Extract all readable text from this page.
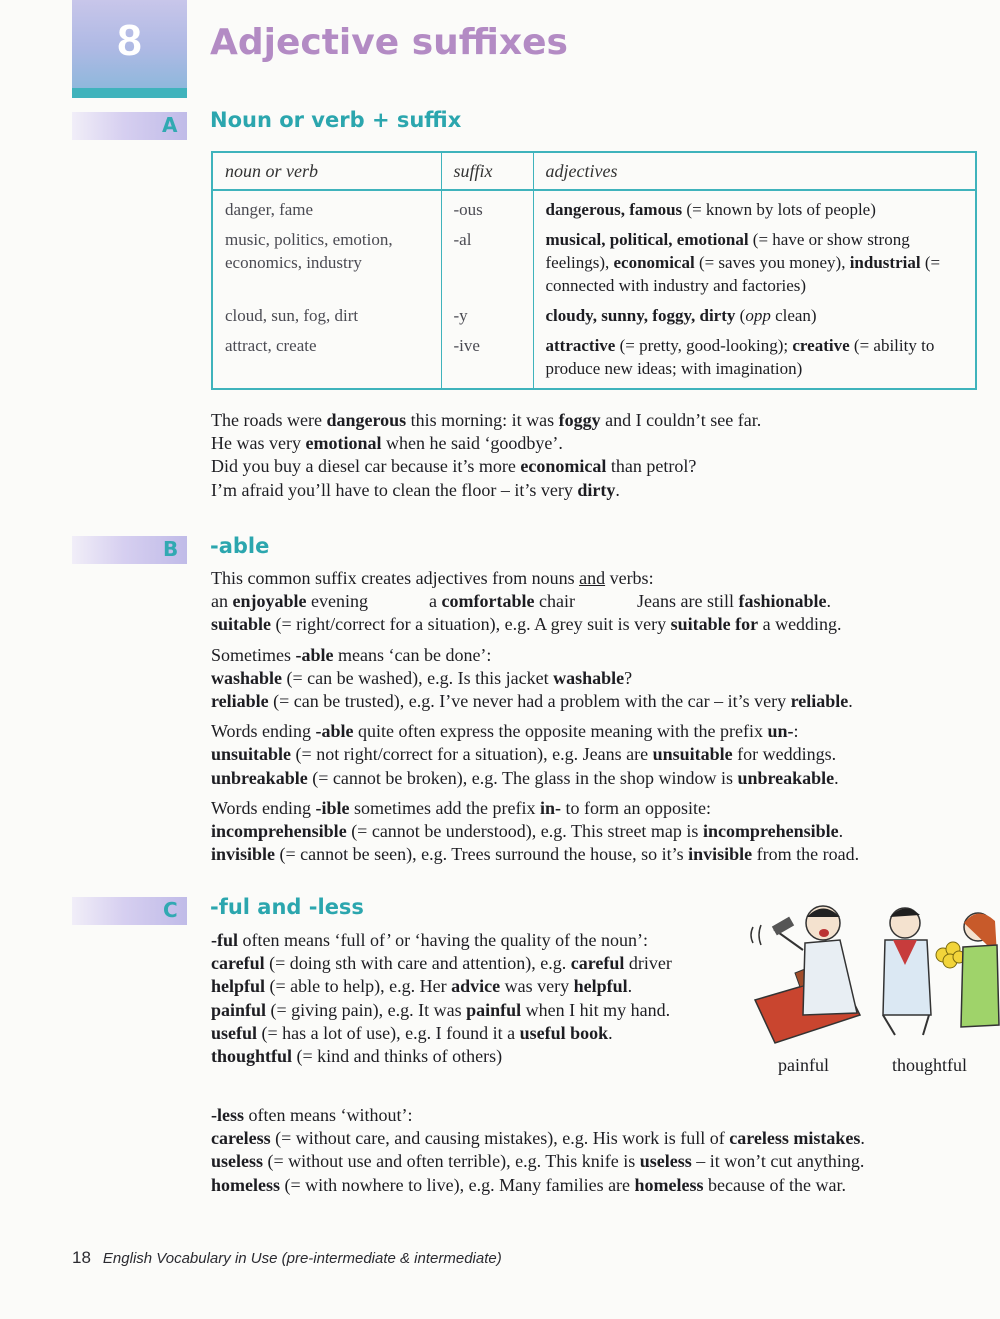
8	Adjective suffixes
A Noun or verb + suffix
noun or verb	suffix	adjectives
danger, fame	-ous	dangerous, famous (= known by lots of people)
music, politics, emotion, economics, industry	-al	musical, political, emotional (= have or show strong feelings), economical (= saves you money), industrial (= connected with industry and factories)
cloud, sun, fog, dirt	-y	cloudy, sunny, foggy, dirty (opp clean)
attract, create	-ive	attractive (= pretty, good-looking); creative (= ability to produce new ideas; with imagination)

The roads were dangerous this morning: it was foggy and I couldn’t see far.

He was very emotional when he said ‘goodbye’.

Did you buy a diesel car because it’s more economical than petrol?

I’m afraid you’ll have to clean the floor – it’s very dirty.

B -able

This common suffix creates adjectives from nouns and verbs:

an enjoyable evening	a comfortable chair	Jeans are still fashionable.

suitable (= right/correct for a situation), e.g. A grey suit is very suitable for a wedding.

Sometimes -able means ‘can be done’:

washable (= can be washed), e.g. Is this jacket washable?

reliable (= can be trusted), e.g. I’ve never had a problem with the car – it’s very reliable.

Words ending -able quite often express the opposite meaning with the prefix un-:

unsuitable (= not right/correct for a situation), e.g. Jeans are unsuitable for weddings.

unbreakable (= cannot be broken), e.g. The glass in the shop window is unbreakable.

Words ending -ible sometimes add the prefix in- to form an opposite:

incomprehensible (= cannot be understood), e.g. This street map is incomprehensible.

invisible (= cannot be seen), e.g. Trees surround the house, so it’s invisible from the road.

C -ful and -less

-ful often means ‘full of’ or ‘having the quality of the noun’:

careful (= doing sth with care and attention), e.g. careful driver

helpful (= able to help), e.g. Her advice was very helpful.

painful (= giving pain), e.g. It was painful when I hit my hand.

useful (= has a lot of use), e.g. I found it a useful book.

thoughtful (= kind and thinks of others)	painful	thoughtful

-less often means ‘without’:

careless (= without care, and causing mistakes), e.g. His work is full of careless mistakes.

useless (= without use and often terrible), e.g. This knife is useless – it won’t cut anything.

homeless (= with nowhere to live), e.g. Many families are homeless because of the war.

18 English Vocabulary in Use (pre-intermediate & intermediate)
